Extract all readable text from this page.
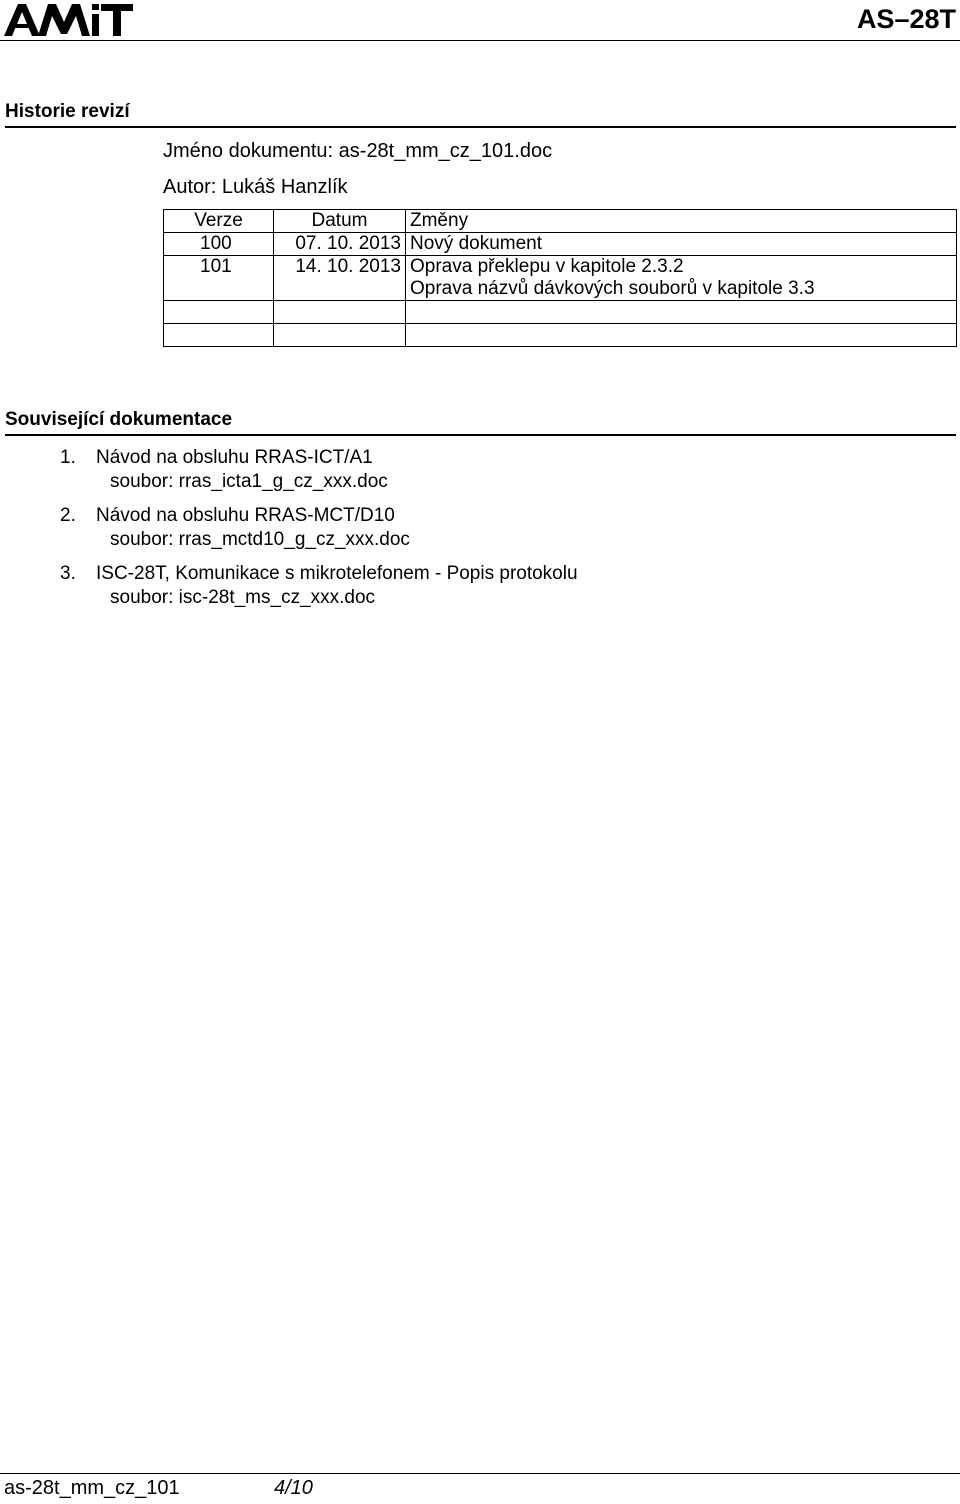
AS–28T
Historie revizí
Jméno dokumentu: as-28t_mm_cz_101.doc
Autor: Lukáš Hanzlík
Verze	Datum	Změny
100	07. 10. 2013	Nový dokument

101	14. 10. 2013	Oprava překlepu v kapitole 2.3.2
Oprava názvů dávkových souborů v kapitole 3.3

Související dokumentace
1.	Návod na obsluhu RRAS-ICT/A1
soubor: rras_icta1_g_cz_xxx.doc
2.	Návod na obsluhu RRAS-MCT/D10
soubor: rras_mctd10_g_cz_xxx.doc
3.	ISC-28T, Komunikace s mikrotelefonem - Popis protokolu
soubor: isc-28t_ms_cz_xxx.doc
as-28t_mm_cz_101	4/10
